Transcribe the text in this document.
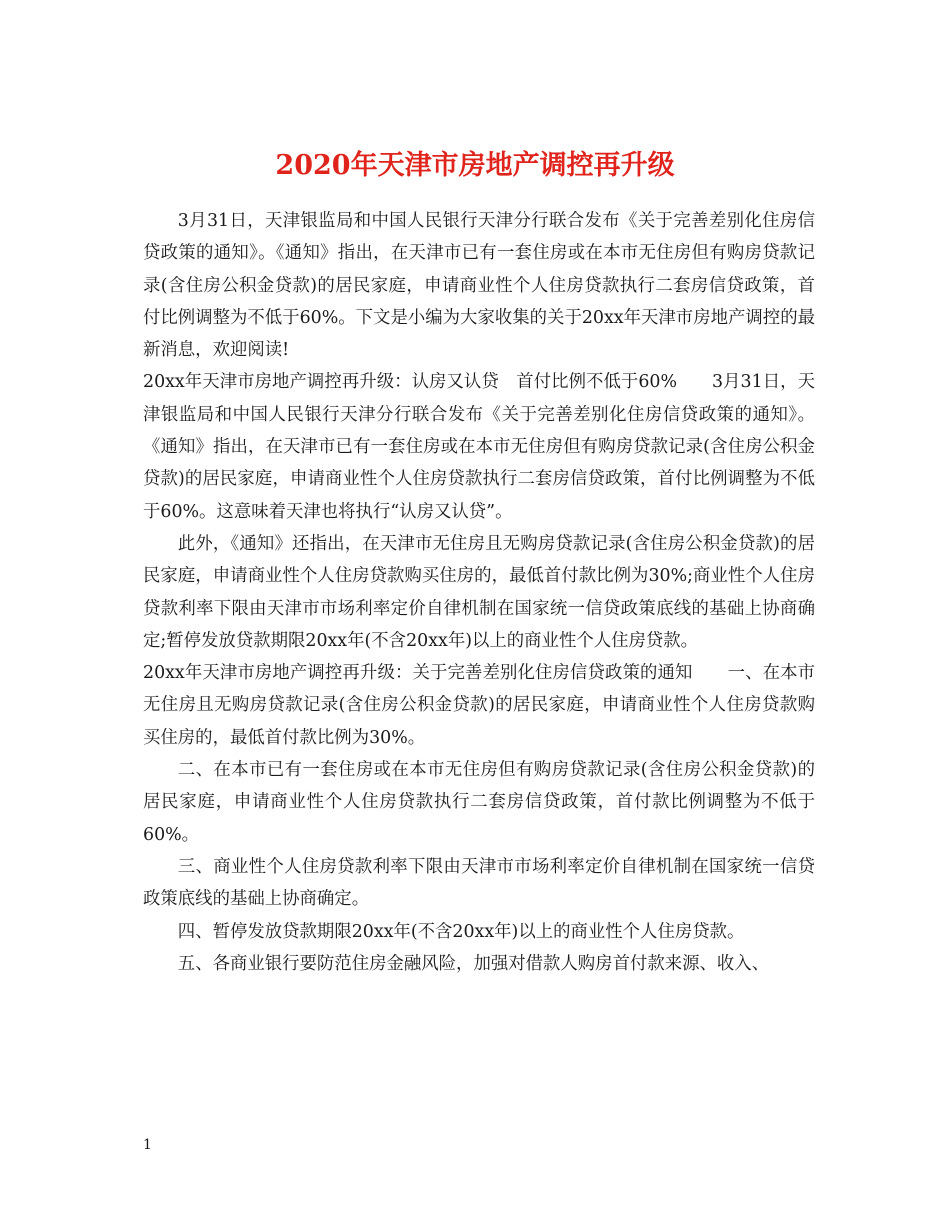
2020年天津市房地产调控再升级

3月31日，天津银监局和中国人民银行天津分行联合发布《关于完善差别化住房信贷政策的通知》。《通知》指出，在天津市已有一套住房或在本市无住房但有购房贷款记录(含住房公积金贷款)的居民家庭，申请商业性个人住房贷款执行二套房信贷政策，首付比例调整为不低于60%。下文是小编为大家收集的关于20xx年天津市房地产调控的最新消息，欢迎阅读!

20xx年天津市房地产调控再升级：认房又认贷　首付比例不低于60%　　3月31日，天津银监局和中国人民银行天津分行联合发布《关于完善差别化住房信贷政策的通知》。《通知》指出，在天津市已有一套住房或在本市无住房但有购房贷款记录(含住房公积金贷款)的居民家庭，申请商业性个人住房贷款执行二套房信贷政策，首付比例调整为不低于60%。这意味着天津也将执行“认房又认贷”。

此外，《通知》还指出，在天津市无住房且无购房贷款记录(含住房公积金贷款)的居民家庭，申请商业性个人住房贷款购买住房的，最低首付款比例为30%;商业性个人住房贷款利率下限由天津市市场利率定价自律机制在国家统一信贷政策底线的基础上协商确定;暂停发放贷款期限20xx年(不含20xx年)以上的商业性个人住房贷款。

20xx年天津市房地产调控再升级：关于完善差别化住房信贷政策的通知　　一、在本市无住房且无购房贷款记录(含住房公积金贷款)的居民家庭，申请商业性个人住房贷款购买住房的，最低首付款比例为30%。

二、在本市已有一套住房或在本市无住房但有购房贷款记录(含住房公积金贷款)的居民家庭，申请商业性个人住房贷款执行二套房信贷政策，首付款比例调整为不低于60%。

三、商业性个人住房贷款利率下限由天津市市场利率定价自律机制在国家统一信贷政策底线的基础上协商确定。

四、暂停发放贷款期限20xx年(不含20xx年)以上的商业性个人住房贷款。

五、各商业银行要防范住房金融风险，加强对借款人购房首付款来源、收入、

1
